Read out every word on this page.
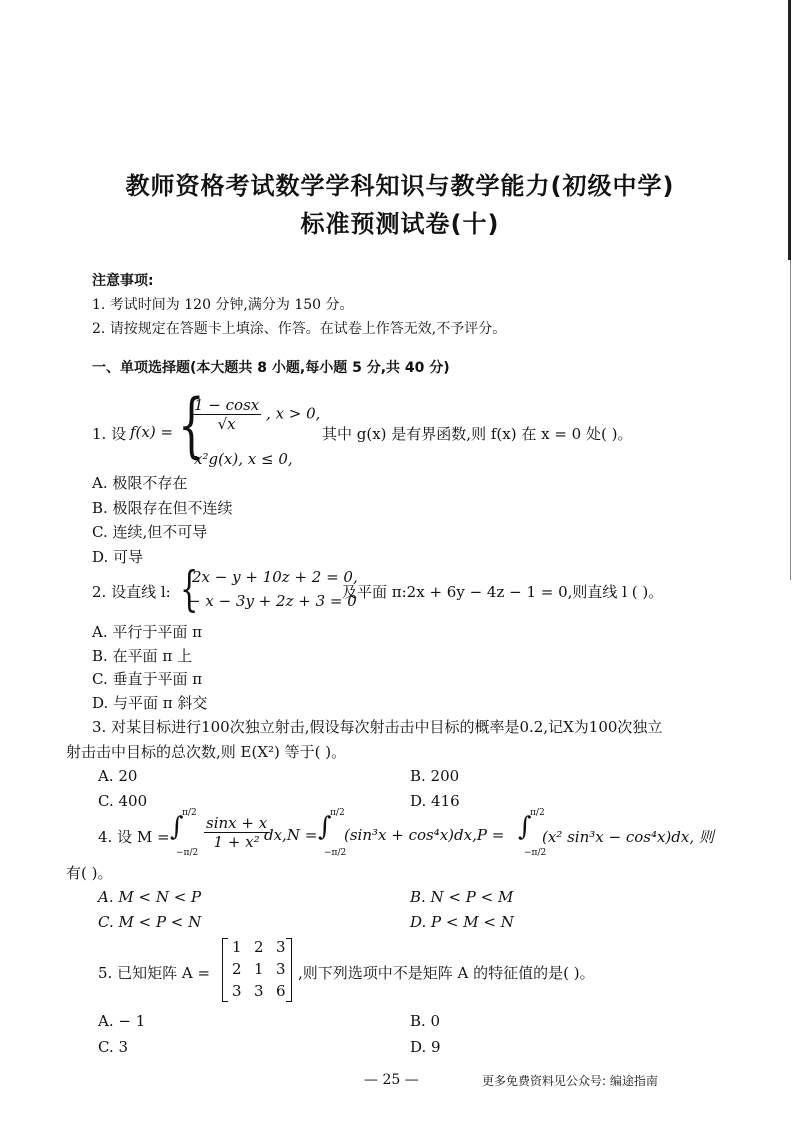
教师资格考试数学学科知识与教学能力(初级中学)
标准预测试卷(十)
注意事项:
1. 考试时间为 120 分钟,满分为 150 分。
2. 请按规定在答题卡上填涂、作答。在试卷上作答无效,不予评分。
一、单项选择题(本大题共 8 小题,每小题 5 分,共 40 分)
1. 设 f(x) = {
$\frac{1 - \cos x}{√x}$ , x > 0,
x²g(x), x ≤ 0,
其中 g(x) 是有界函数,则 f(x) 在 x = 0 处( )。
A. 极限不存在
B. 极限存在但不连续
C. 连续,但不可导
D. 可导
2. 设直线 l: {
2x − y + 10z + 2 = 0,
− x − 3y + 2z + 3 = 0
及平面 π:2x + 6y − 4z − 1 = 0,则直线 l ( )。
A. 平行于平面 π
B. 在平面 π 上
C. 垂直于平面 π
D. 与平面 π 斜交
3. 对某目标进行100次独立射击,假设每次射击击中目标的概率是0.2,记X为100次独立
射击击中目标的总次数,则 E(X²) 等于( )。
A. 20	B. 200
C. 400	D. 416
4. 设 M = ∫
π/2
−π/2
$\frac{\sin x + x}{\text{1 + x²}}$
dx,N = ∫
π/2
−π/2
(sin³x + cos⁴x)dx,P = ∫
π/2
−π/2
(x² sin³x − cos⁴x)dx, 则
有( )。
A. M < N < P	B. N < P < M
C. M < P < N	D. P < M < N
5. 已知矩阵 A =
1 2 3
2 1 3
3 3 6
,则下列选项中不是矩阵 A 的特征值的是( )。
A. − 1	B. 0
C. 3	D. 9
— 25 —	更多免费资料见公众号: 编途指南
